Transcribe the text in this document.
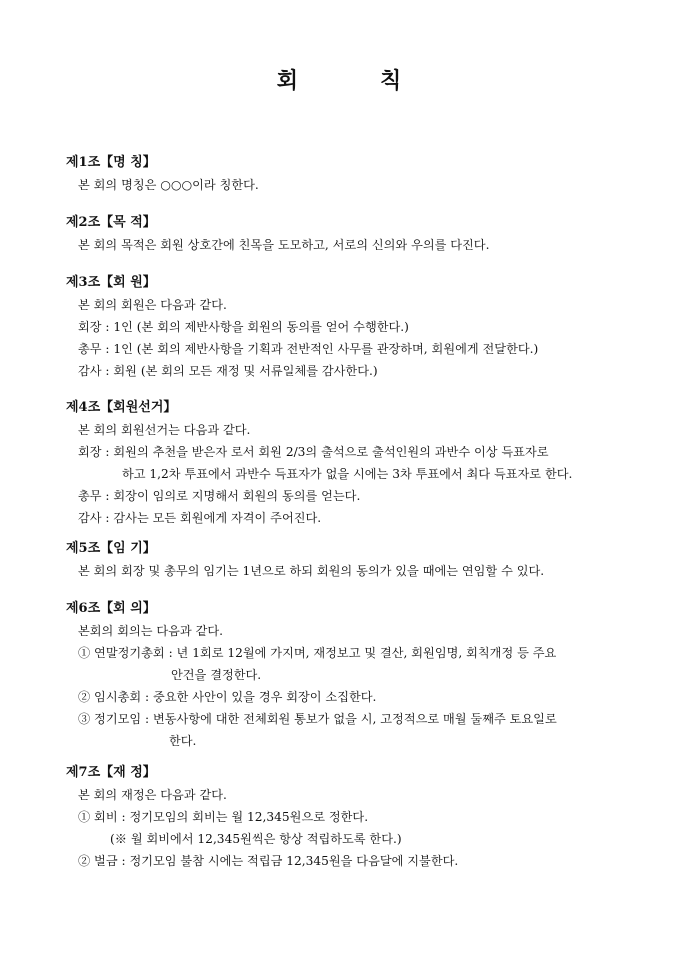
회	칙
제1조【명 칭】
본 회의 명칭은 ○○○이라 칭한다.
제2조【목 적】
본 회의 목적은 회원 상호간에 친목을 도모하고, 서로의 신의와 우의를 다진다.
제3조【회 원】
본 회의 회원은 다음과 같다.
회장 : 1인 (본 회의 제반사항을 회원의 동의를 얻어 수행한다.)
총무 : 1인 (본 회의 제반사항을 기획과 전반적인 사무를 관장하며, 회원에게 전달한다.)
감사 : 회원 (본 회의 모든 재정 및 서류일체를 감사한다.)
제4조【회원선거】
본 회의 회원선거는 다음과 같다.
회장 : 회원의 추천을 받은자 로서 회원 2/3의 출석으로 출석인원의 과반수 이상 득표자로
하고 1,2차 투표에서 과반수 득표자가 없을 시에는 3차 투표에서 최다 득표자로 한다.
총무 : 회장이 임의로 지명해서 회원의 동의를 얻는다.
감사 : 감사는 모든 회원에게 자격이 주어진다.
제5조【임 기】
본 회의 회장 및 총무의 임기는 1년으로 하되 회원의 동의가 있을 때에는 연임할 수 있다.
제6조【회 의】
본회의 회의는 다음과 같다.
① 연말정기총회 : 년 1회로 12월에 가지며, 재정보고 및 결산, 회원임명, 회칙개정 등 주요
안건을 결정한다.
② 임시총회 : 중요한 사안이 있을 경우 회장이 소집한다.
③ 정기모임 : 변동사항에 대한 전체회원 통보가 없을 시, 고정적으로 매월 둘째주 토요일로
한다.
제7조【재 정】
본 회의 재정은 다음과 같다.
① 회비 : 정기모임의 회비는 월 12,345원으로 정한다.
(※ 월 회비에서 12,345원씩은 항상 적립하도록 한다.)
② 벌금 : 정기모임 불참 시에는 적립금 12,345원을 다음달에 지불한다.
